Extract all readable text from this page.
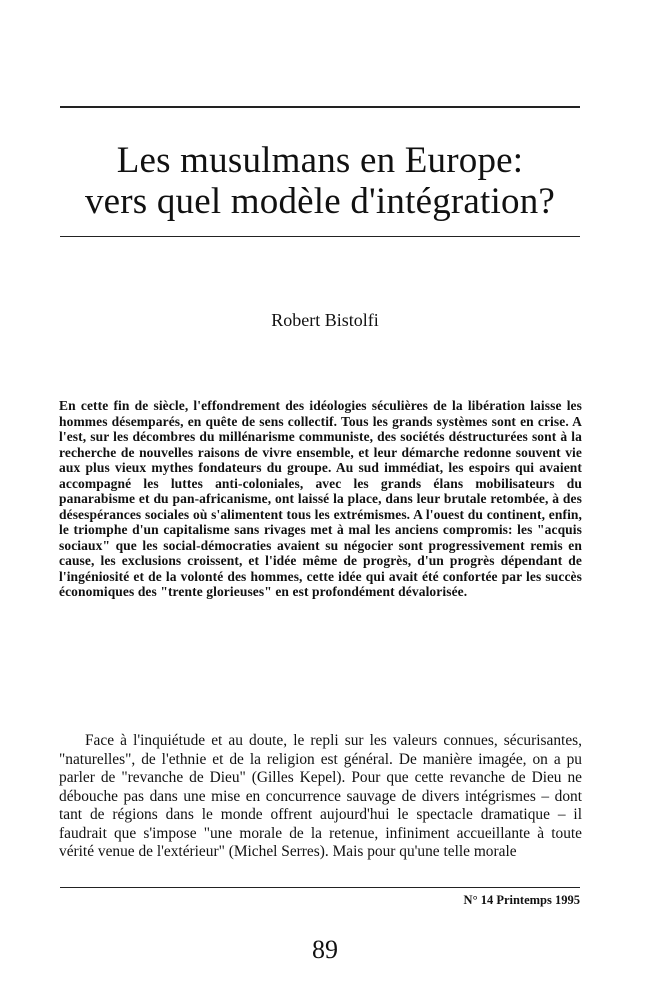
Les musulmans en Europe:
vers quel modèle d'intégration?
Robert Bistolfi

En cette fin de siècle, l'effondrement des idéologies séculières de la libération laisse les hommes désemparés, en quête de sens collectif. Tous les grands systèmes sont en crise. A l'est, sur les décombres du millénarisme communiste, des sociétés déstructurées sont à la recherche de nouvelles raisons de vivre ensemble, et leur démarche redonne souvent vie aux plus vieux mythes fondateurs du groupe. Au sud immédiat, les espoirs qui avaient accompagné les luttes anti-coloniales, avec les grands élans mobilisateurs du panarabisme et du pan-africanisme, ont laissé la place, dans leur brutale retombée, à des désespérances sociales où s'alimentent tous les extrémismes. A l'ouest du continent, enfin, le triomphe d'un capitalisme sans rivages met à mal les anciens compromis: les "acquis sociaux" que les social-démocraties avaient su négocier sont progressivement remis en cause, les exclusions croissent, et l'idée même de progrès, d'un progrès dépendant de l'ingéniosité et de la volonté des hommes, cette idée qui avait été confortée par les succès économiques des "trente glorieuses" en est profondément dévalorisée.

Face à l'inquiétude et au doute, le repli sur les valeurs connues, sécurisantes, "naturelles", de l'ethnie et de la religion est général. De manière imagée, on a pu parler de "revanche de Dieu" (Gilles Kepel). Pour que cette revanche de Dieu ne débouche pas dans une mise en concurrence sauvage de divers intégrismes – dont tant de régions dans le monde offrent aujourd'hui le spectacle dramatique – il faudrait que s'impose "une morale de la retenue, infiniment accueillante à toute vérité venue de l'extérieur" (Michel Serres). Mais pour qu'une telle morale

N° 14 Printemps 1995
89
